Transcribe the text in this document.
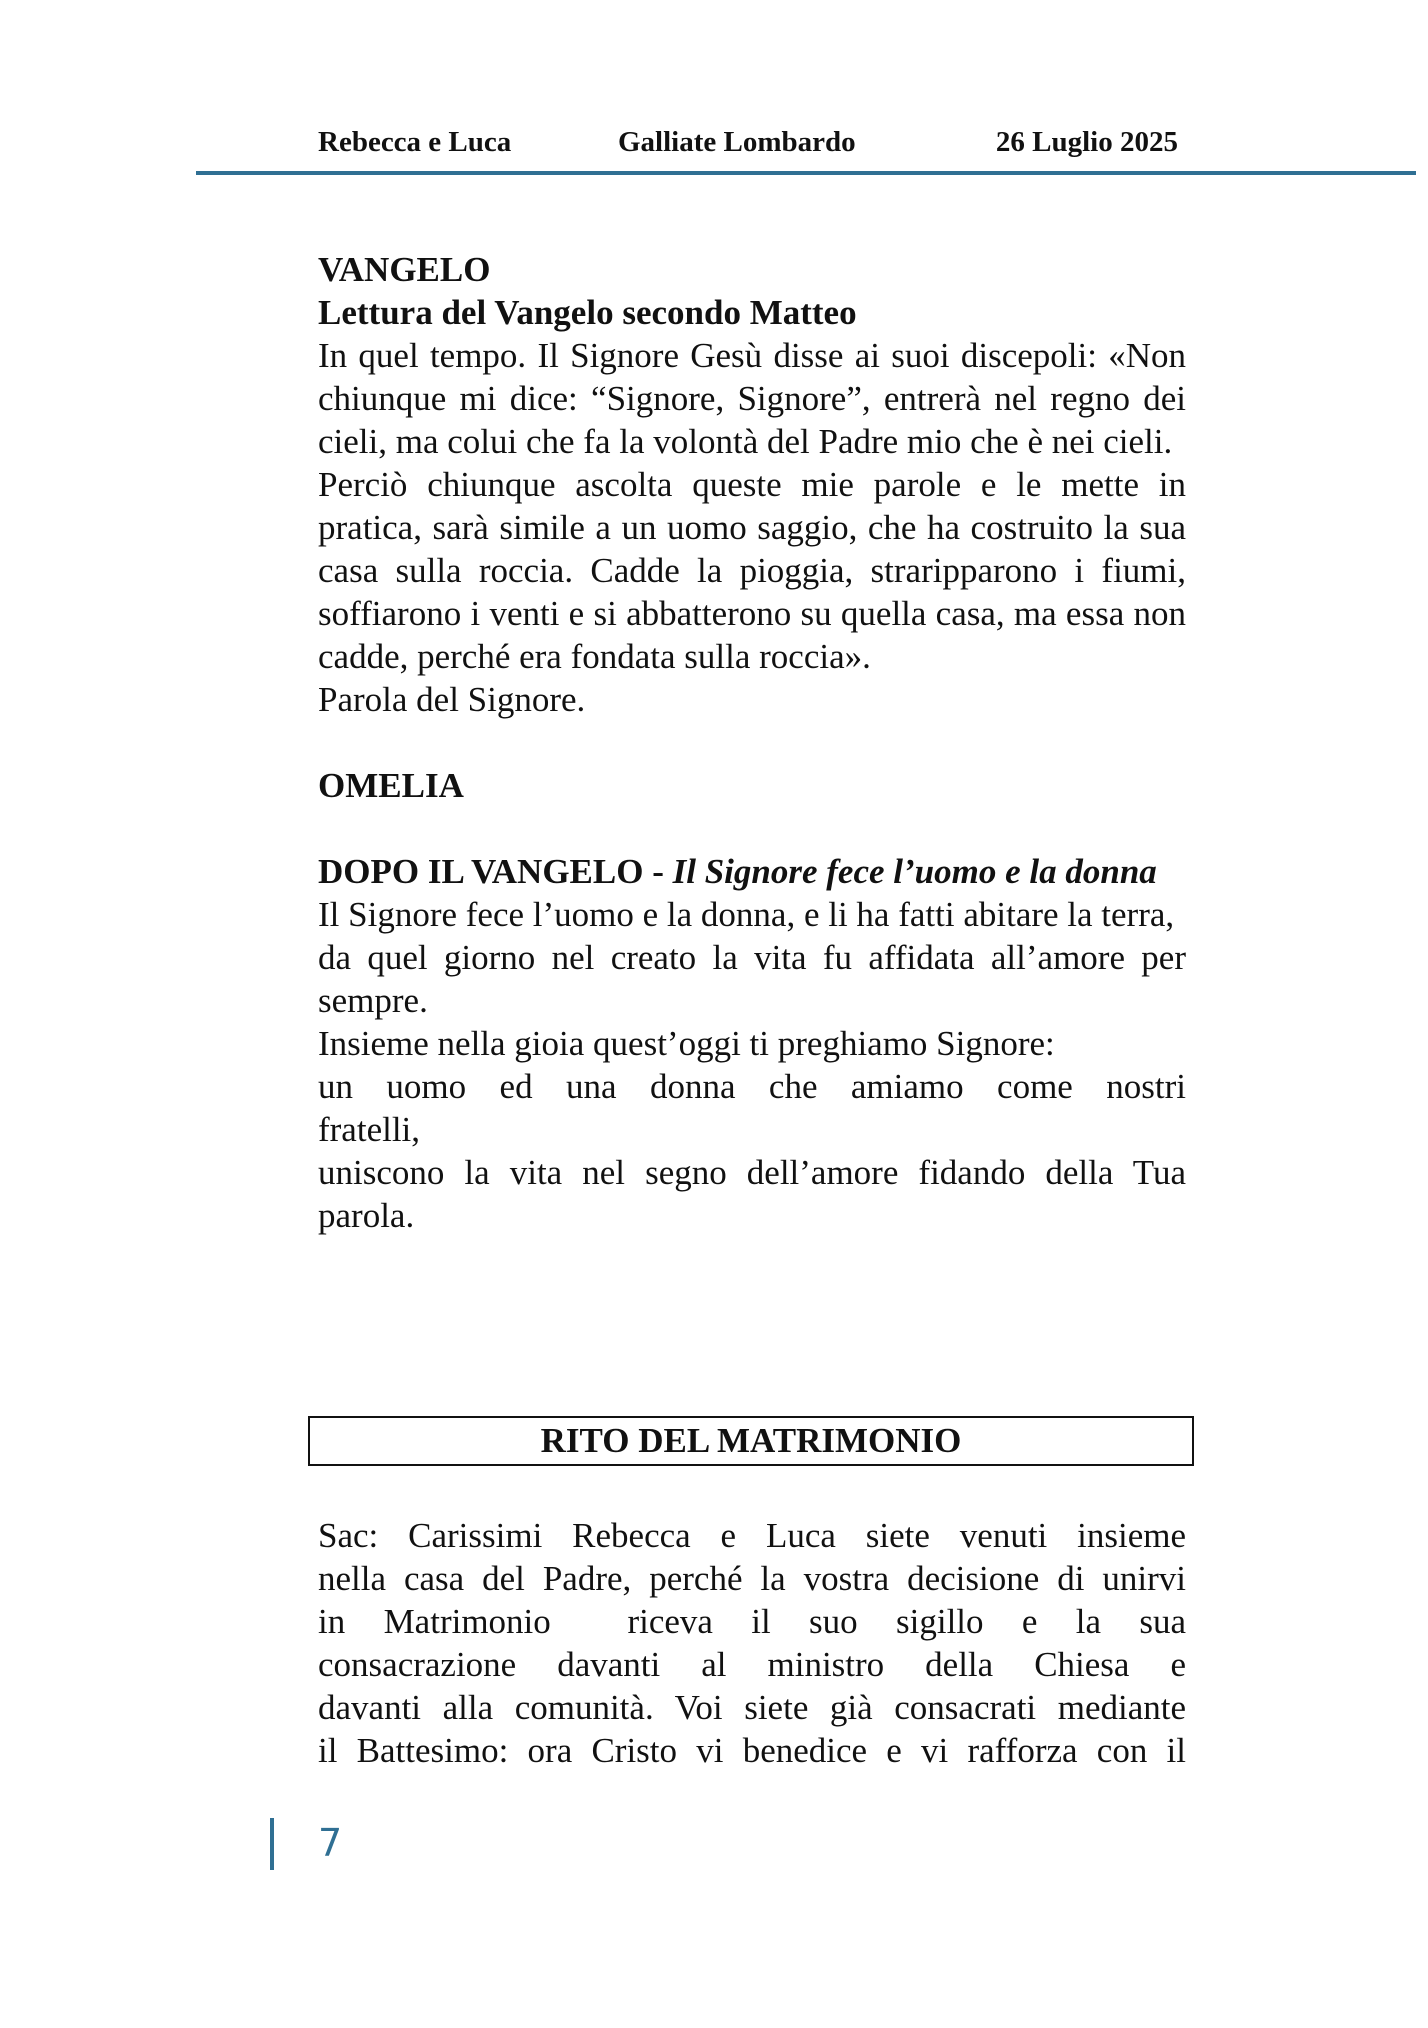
Rebecca e Luca	Galliate Lombardo	26 Luglio 2025
VANGELO
Lettura del Vangelo secondo Matteo
In quel tempo. Il Signore Gesù disse ai suoi discepoli: «Non chiunque mi dice: “Signore, Signore”, entrerà nel regno dei cieli, ma colui che fa la volontà del Padre mio che è nei cieli.
Perciò chiunque ascolta queste mie parole e le mette in pratica, sarà simile a un uomo saggio, che ha costruito la sua casa sulla roccia. Cadde la pioggia, straripparono i fiumi, soffiarono i venti e si abbatterono su quella casa, ma essa non cadde, perché era fondata sulla roccia».
Parola del Signore.
OMELIA
DOPO IL VANGELO - Il Signore fece l’uomo e la donna
Il Signore fece l’uomo e la donna, e li ha fatti abitare la terra,
da quel giorno nel creato la vita fu affidata all’amore per sempre.
Insieme nella gioia quest’oggi ti preghiamo Signore:
un uomo ed una donna che amiamo come nostri fratelli,
uniscono la vita nel segno dell’amore fidando della Tua parola.
RITO DEL MATRIMONIO
Sac: Carissimi Rebecca e Luca siete venuti insieme
nella casa del Padre, perché la vostra decisione di unirvi
in Matrimonio  riceva il suo sigillo e la sua
consacrazione davanti al ministro della Chiesa e
davanti alla comunità. Voi siete già consacrati mediante
il Battesimo: ora Cristo vi benedice e vi rafforza con il
7
